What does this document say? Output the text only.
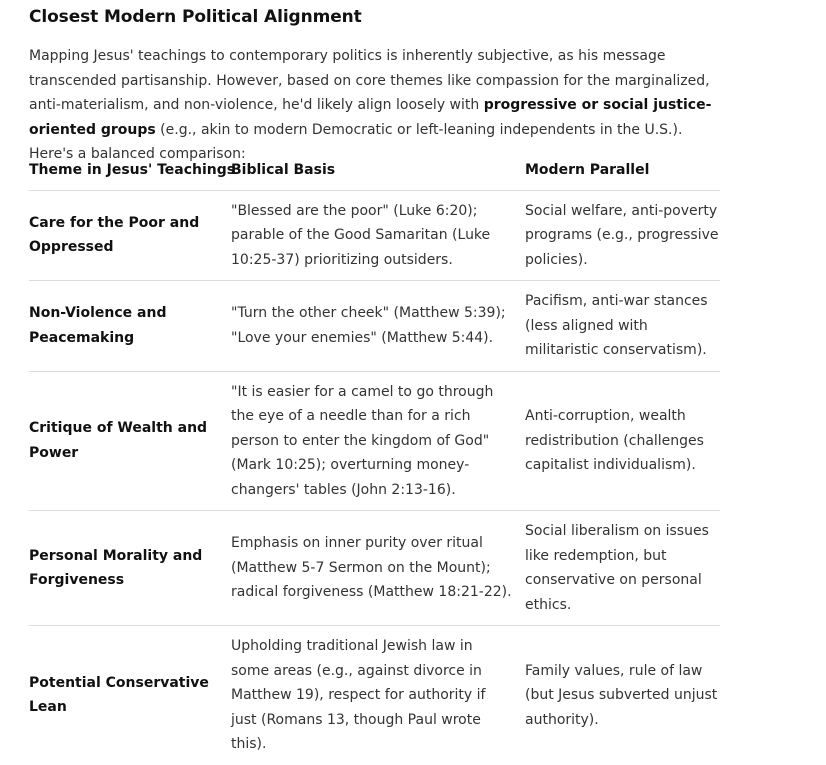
Closest Modern Political Alignment

Mapping Jesus' teachings to contemporary politics is inherently subjective, as his message transcended partisanship. However, based on core themes like compassion for the marginalized, anti-materialism, and non-violence, he'd likely align loosely with progressive or social justice-oriented groups (e.g., akin to modern Democratic or left-leaning independents in the U.S.). Here's a balanced comparison:

Theme in Jesus' Teachings	Biblical Basis	Modern Parallel
Care for the Poor and Oppressed	"Blessed are the poor" (Luke 6:20); parable of the Good Samaritan (Luke 10:25-37) prioritizing outsiders.	Social welfare, anti-poverty programs (e.g., progressive policies).
Non-Violence and Peacemaking	"Turn the other cheek" (Matthew 5:39); "Love your enemies" (Matthew 5:44).	Pacifism, anti-war stances (less aligned with militaristic conservatism).
Critique of Wealth and Power	"It is easier for a camel to go through the eye of a needle than for a rich person to enter the kingdom of God" (Mark 10:25); overturning money-changers' tables (John 2:13-16).	Anti-corruption, wealth redistribution (challenges capitalist individualism).
Personal Morality and Forgiveness	Emphasis on inner purity over ritual (Matthew 5-7 Sermon on the Mount); radical forgiveness (Matthew 18:21-22).	Social liberalism on issues like redemption, but conservative on personal ethics.
Potential Conservative Lean	Upholding traditional Jewish law in some areas (e.g., against divorce in Matthew 19), respect for authority if just (Romans 13, though Paul wrote this).	Family values, rule of law (but Jesus subverted unjust authority).
